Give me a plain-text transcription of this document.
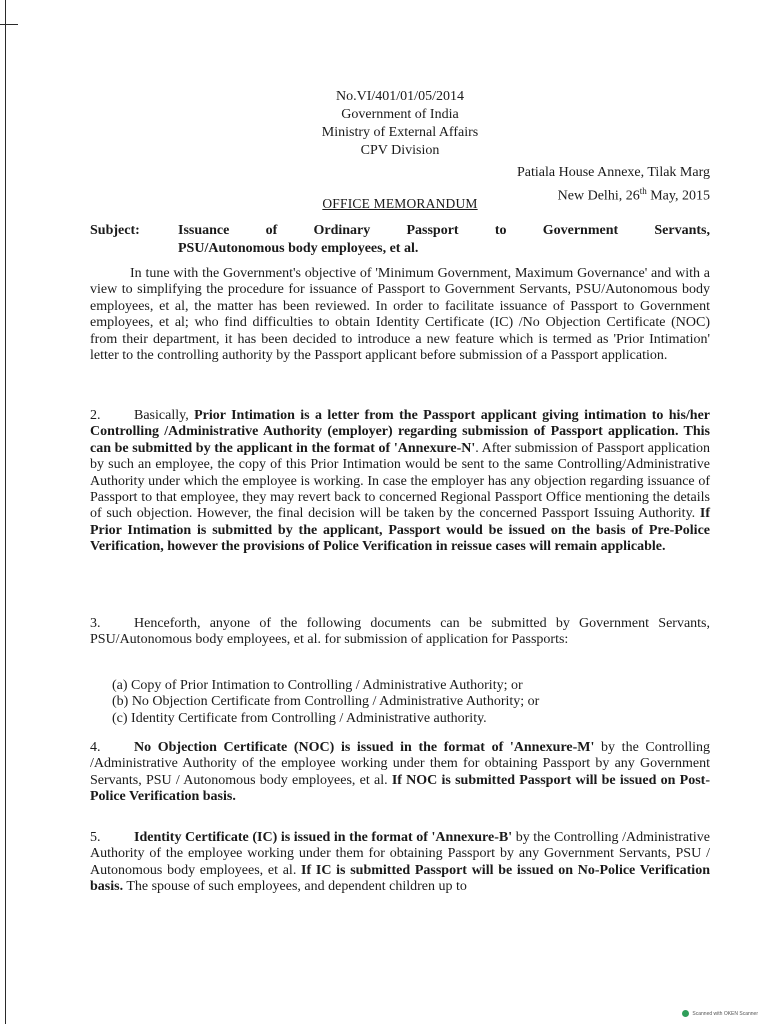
No.VI/401/01/05/2014
Government of India
Ministry of External Affairs
CPV Division
Patiala House Annexe, Tilak Marg
New Delhi, 26th May, 2015
OFFICE MEMORANDUM
Subject:	Issuance of Ordinary Passport to Government Servants,
PSU/Autonomous body employees, et al.
In tune with the Government's objective of 'Minimum Government, Maximum Governance' and with a view to simplifying the procedure for issuance of Passport to Government Servants, PSU/Autonomous body employees, et al, the matter has been reviewed. In order to facilitate issuance of Passport to Government employees, et al; who find difficulties to obtain Identity Certificate (IC) /No Objection Certificate (NOC) from their department, it has been decided to introduce a new feature which is termed as 'Prior Intimation' letter to the controlling authority by the Passport applicant before submission of a Passport application.
2. Basically, Prior Intimation is a letter from the Passport applicant giving intimation to his/her Controlling /Administrative Authority (employer) regarding submission of Passport application. This can be submitted by the applicant in the format of 'Annexure-N'. After submission of Passport application by such an employee, the copy of this Prior Intimation would be sent to the same Controlling/Administrative Authority under which the employee is working. In case the employer has any objection regarding issuance of Passport to that employee, they may revert back to concerned Regional Passport Office mentioning the details of such objection. However, the final decision will be taken by the concerned Passport Issuing Authority. If Prior Intimation is submitted by the applicant, Passport would be issued on the basis of Pre-Police Verification, however the provisions of Police Verification in reissue cases will remain applicable.
3. Henceforth, anyone of the following documents can be submitted by Government Servants, PSU/Autonomous body employees, et al. for submission of application for Passports:
(a) Copy of Prior Intimation to Controlling / Administrative Authority; or
(b) No Objection Certificate from Controlling / Administrative Authority; or
(c) Identity Certificate from Controlling / Administrative authority.
4. No Objection Certificate (NOC) is issued in the format of 'Annexure-M' by the Controlling /Administrative Authority of the employee working under them for obtaining Passport by any Government Servants, PSU / Autonomous body employees, et al. If NOC is submitted Passport will be issued on Post-Police Verification basis.
5. Identity Certificate (IC) is issued in the format of 'Annexure-B' by the Controlling /Administrative Authority of the employee working under them for obtaining Passport by any Government Servants, PSU / Autonomous body employees, et al. If IC is submitted Passport will be issued on No-Police Verification basis. The spouse of such employees, and dependent children up to
Scanned with OKEN Scanner
